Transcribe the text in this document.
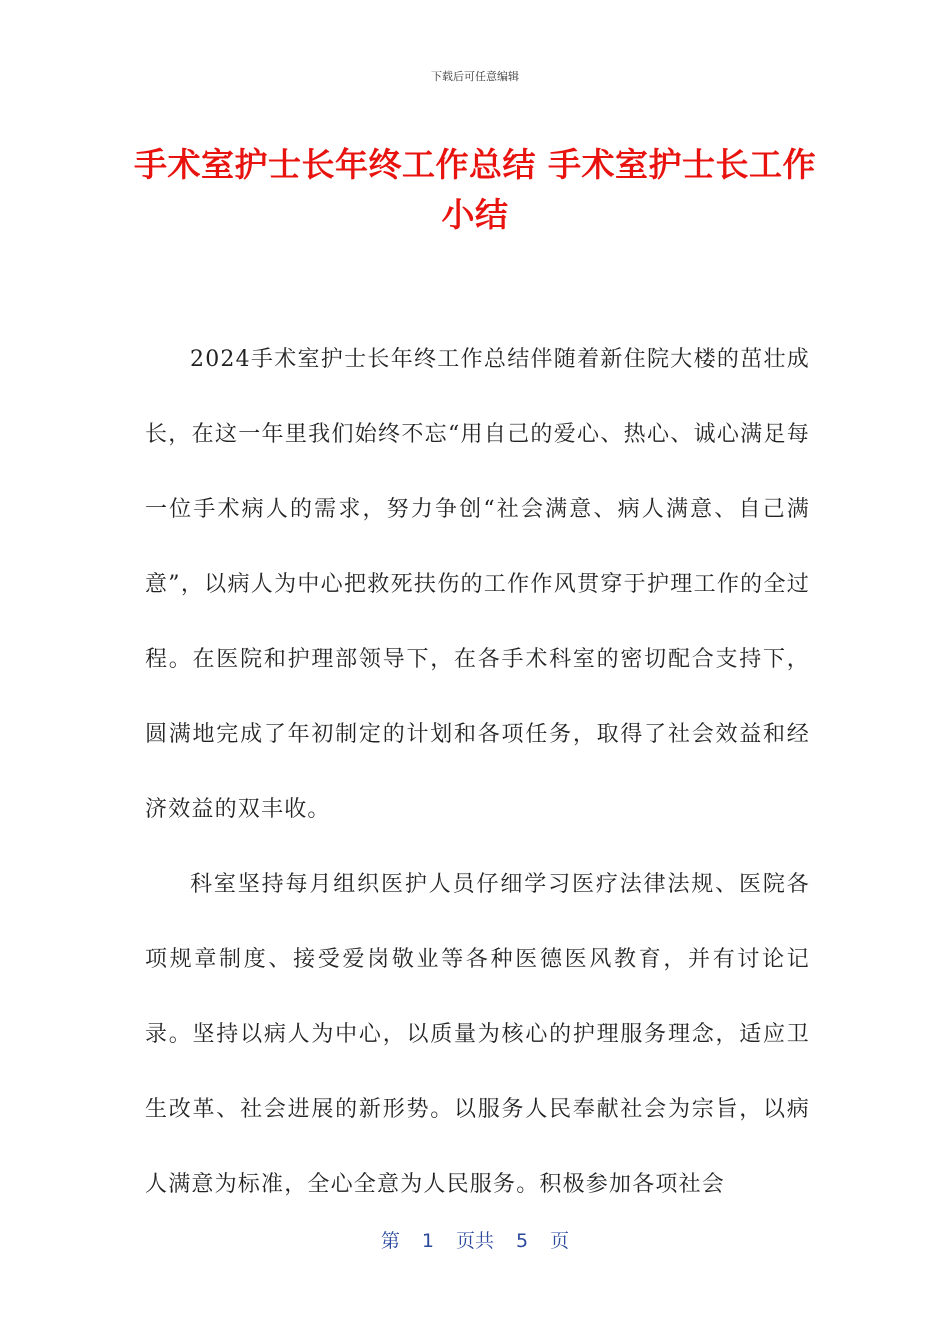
下载后可任意编辑
手术室护士长年终工作总结 手术室护士长工作小结

2024手术室护士长年终工作总结伴随着新住院大楼的茁壮成长，在这一年里我们始终不忘“用自己的爱心、热心、诚心满足每一位手术病人的需求，努力争创“社会满意、病人满意、自己满意”，以病人为中心把救死扶伤的工作作风贯穿于护理工作的全过程。在医院和护理部领导下，在各手术科室的密切配合支持下，圆满地完成了年初制定的计划和各项任务，取得了社会效益和经济效益的双丰收。

科室坚持每月组织医护人员仔细学习医疗法律法规、医院各项规章制度、接受爱岗敬业等各种医德医风教育，并有讨论记录。坚持以病人为中心，以质量为核心的护理服务理念，适应卫生改革、社会进展的新形势。以服务人民奉献社会为宗旨，以病人满意为标准，全心全意为人民服务。积极参加各项社会

第 1 页共 5 页
